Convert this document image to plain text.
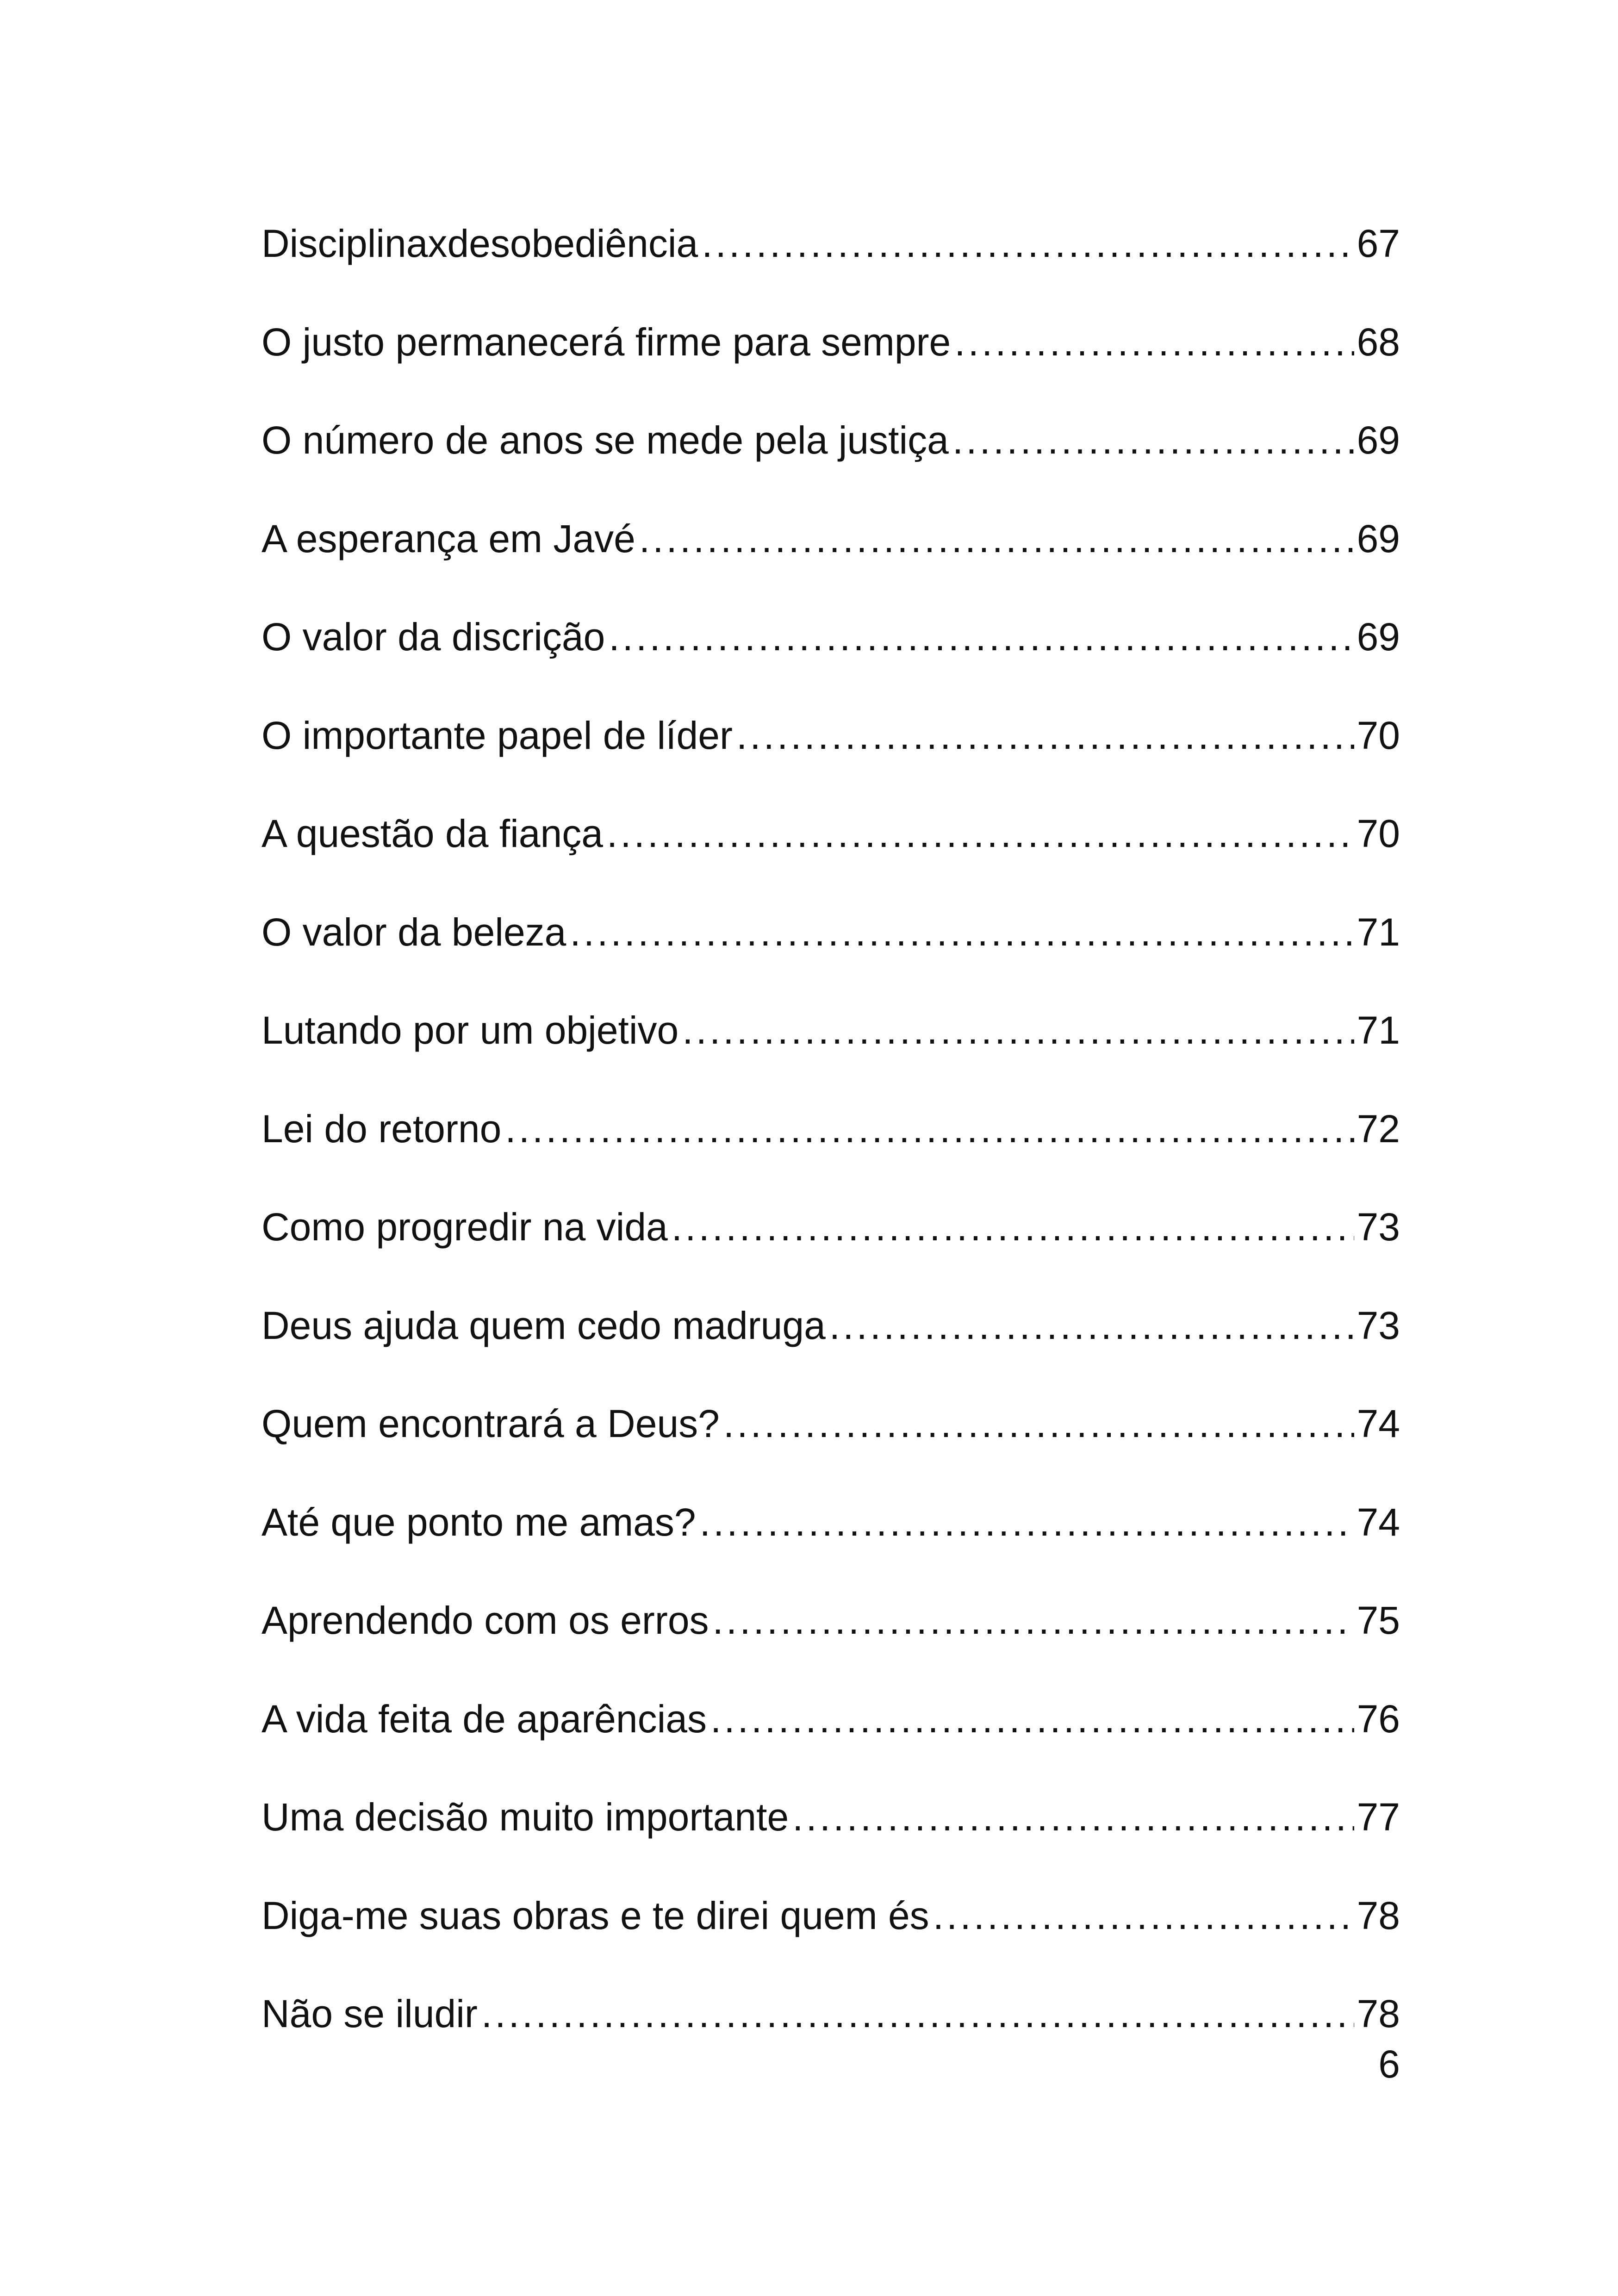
Disciplinaxdesobediência .....	67
O justo permanecerá firme para sempre .....	68
O número de anos se mede pela justiça .....	69
A esperança em Javé .....	69
O valor da discrição .....	69
O importante papel de líder .....	70
A questão da fiança .....	70
O valor da beleza .....	71
Lutando por um objetivo .....	71
Lei do retorno .....	72
Como progredir na vida .....	73
Deus ajuda quem cedo madruga .....	73
Quem encontrará a Deus? .....	74
Até que ponto me amas? .....	74
Aprendendo com os erros .....	75
A vida feita de aparências .....	76
Uma decisão muito importante .....	77
Diga-me suas obras e te direi quem és .....	78
Não se iludir .....	78
6
